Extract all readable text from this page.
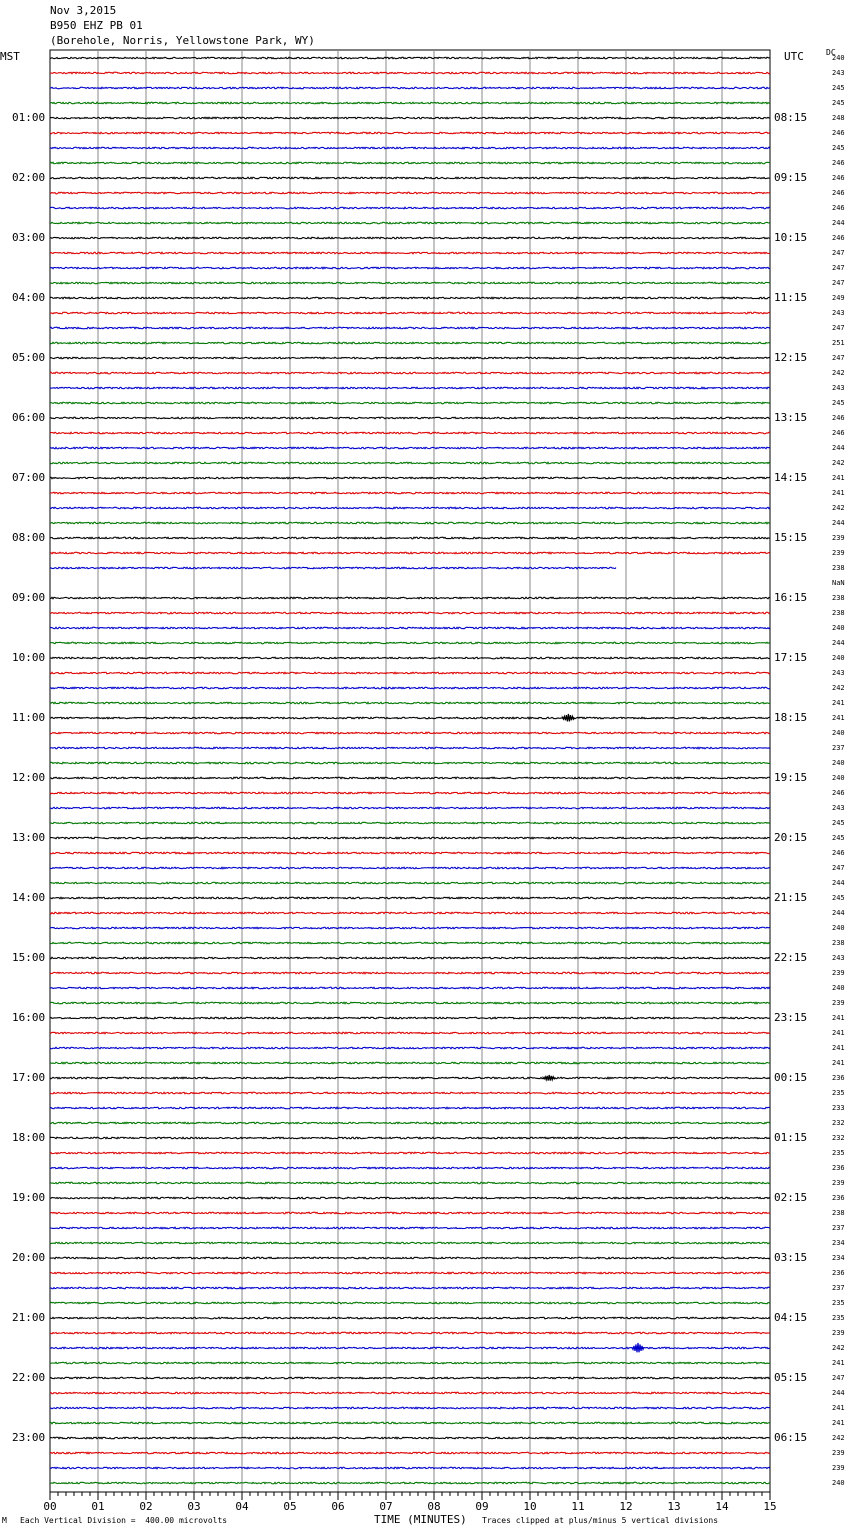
Nov 3,2015
B950 EHZ PB 01
(Borehole, Norris, Yellowstone Park, WY)
MST	UTC	DC
00	01	02	03	04	05	06	07	08	09	10	11	12	13	14	15
240
243
245
245
01:00	08:15	248
246
245
246
02:00	09:15	246
246
246
244
03:00	10:15	246
247
247
247
04:00	11:15	249
243
247
251
05:00	12:15	247
242
243
245
06:00	13:15	246
246
244
242
07:00	14:15	241
241
242
244
08:00	15:15	239
239
238
NaN
09:00	16:15	238
238
240
244
10:00	17:15	240
243
242
241
11:00	18:15	241
240
237
240
12:00	19:15	240
246
243
245
13:00	20:15	245
246
247
244
14:00	21:15	245
244
240
238
15:00	22:15	243
239
240
239
16:00	23:15	241
241
241
241
17:00	00:15	236
235
233
232
18:00	01:15	232
235
236
239
19:00	02:15	236
238
237
234
20:00	03:15	234
236
237
235
21:00	04:15	235
239
242
241
22:00	05:15	247
244
241
241
23:00	06:15	242
239
239
240
M Each Vertical Division =  400.00 microvolts	TIME (MINUTES) Traces clipped at plus/minus 5 vertical divisions
